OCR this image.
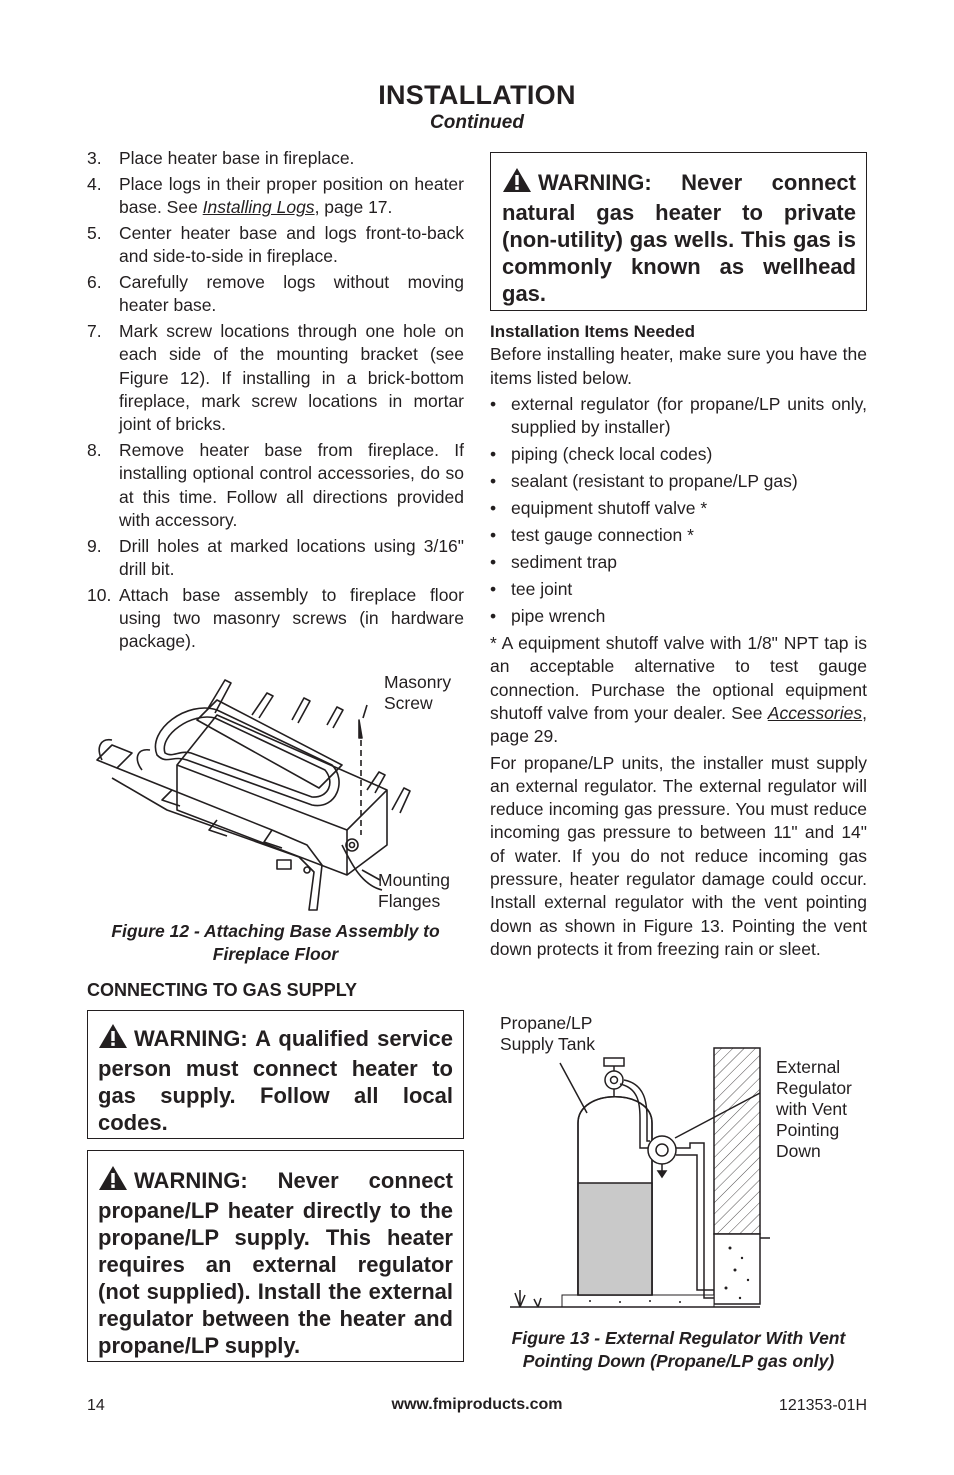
INSTALLATION
Continued
3. Place heater base in fireplace.
4. Place logs in their proper position on heater base. See Installing Logs, page 17.
5. Center heater base and logs front-to-back and side-to-side in fireplace.
6. Carefully remove logs without moving heater base.
7. Mark screw locations through one hole on each side of the mounting bracket (see Figure 12). If installing in a brick-bottom fireplace, mark screw locations in mortar joint of bricks.
8. Remove heater base from fireplace. If installing optional control accessories, do so at this time. Follow all directions provided with accessory.
9. Drill holes at marked locations using 3/16" drill bit.
10. Attach base assembly to fireplace floor using two masonry screws (in hardware package).
Masonry
Screw
Mounting
Flanges
Figure 12 - Attaching Base Assembly to
Fireplace Floor
CONNECTING TO GAS SUPPLY
WARNING: Never connect natural gas heater to private (non-utility) gas wells. This gas is commonly known as wellhead gas.
WARNING: A qualified service person must connect heater to gas supply. Follow all local codes.
WARNING: Never connect propane/LP heater directly to the propane/LP supply. This heater requires an external regulator (not supplied). Install the external regulator between the heater and propane/LP supply.
Installation Items Needed

Before installing heater, make sure you have the items listed below.

• external regulator (for propane/LP units only, supplied by installer)
• piping (check local codes)
• sealant (resistant to propane/LP gas)
• equipment shutoff valve *
• test gauge connection *
• sediment trap
• tee joint
• pipe wrench

* A equipment shutoff valve with 1/8" NPT tap is an acceptable alternative to test gauge connection. Purchase the optional equipment shutoff valve from your dealer. See Accessories, page 29.

For propane/LP units, the installer must supply an external regulator. The external regulator will reduce incoming gas pressure. You must reduce incoming gas pressure to between 11" and 14" of water. If you do not reduce incoming gas pressure, heater regulator damage could occur. Install external regulator with the vent pointing down as shown in Figure 13. Pointing the vent down protects it from freezing rain or sleet.

Propane/LP
Supply Tank
External
Regulator
with Vent
Pointing
Down
Figure 13 - External Regulator With Vent
Pointing Down (Propane/LP gas only)
14	www.fmiproducts.com	121353-01H
